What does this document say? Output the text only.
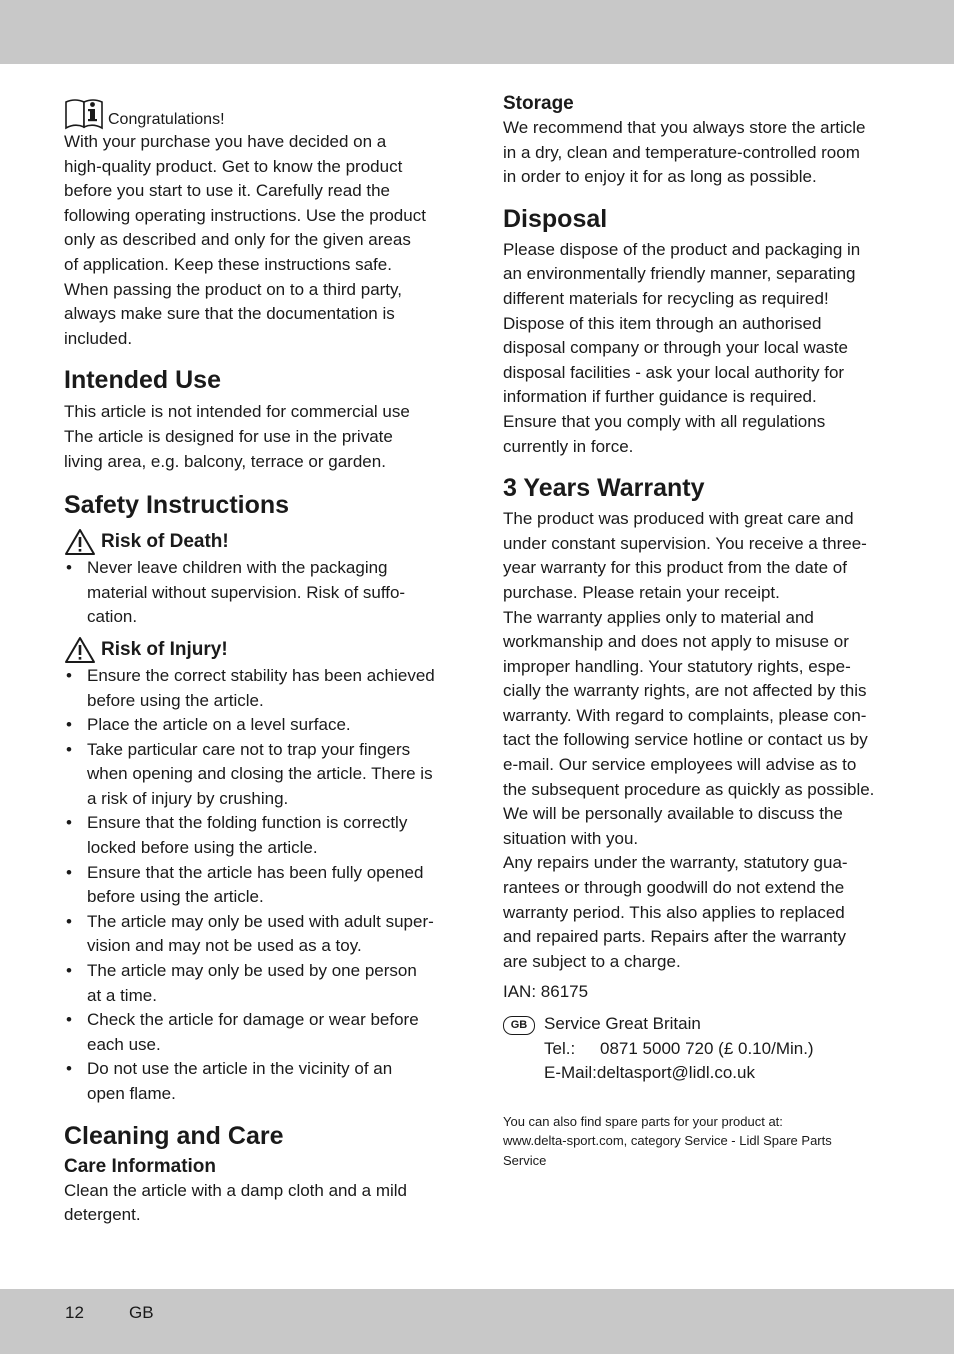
Congratulations!

With your purchase you have decided on a

high-quality product. Get to know the product

before you start to use it. Carefully read the

following operating instructions. Use the product

only as described and only for the given areas

of application. Keep these instructions safe.

When passing the product on to a third party,

always make sure that the documentation is

included.

Intended Use

This article is not intended for commercial use

The article is designed for use in the private

living area, e.g. balcony, terrace or garden.

Safety Instructions
Risk of Death!
• Never leave children with the packaging
material without supervision. Risk of suffo-
cation.
Risk of Injury!
• Ensure the correct stability has been achieved
before using the article.
• Place the article on a level surface.
• Take particular care not to trap your fingers
when opening and closing the article. There is
a risk of injury by crushing.
• Ensure that the folding function is correctly
locked before using the article.
• Ensure that the article has been fully opened
before using the article.
• The article may only be used with adult super-
vision and may not be used as a toy.
• The article may only be used by one person
at a time.
• Check the article for damage or wear before
each use.
• Do not use the article in the vicinity of an
open flame.
Cleaning and Care
Care Information

Clean the article with a damp cloth and a mild

detergent.

Storage

We recommend that you always store the article

in a dry, clean and temperature-controlled room

in order to enjoy it for as long as possible.

Disposal

Please dispose of the product and packaging in

an environmentally friendly manner, separating

different materials for recycling as required!

Dispose of this item through an authorised

disposal company or through your local waste

disposal facilities - ask your local authority for

information if further guidance is required.

Ensure that you comply with all regulations

currently in force.

3 Years Warranty

The product was produced with great care and

under constant supervision. You receive a three-

year warranty for this product from the date of

purchase. Please retain your receipt.

The warranty applies only to material and

workmanship and does not apply to misuse or

improper handling. Your statutory rights, espe-

cially the warranty rights, are not affected by this

warranty. With regard to complaints, please con-

tact the following service hotline or contact us by

e-mail. Our service employees will advise as to

the subsequent procedure as quickly as possible.

We will be personally available to discuss the

situation with you.

Any repairs under the warranty, statutory gua-

rantees or through goodwill do not extend the

warranty period. This also applies to replaced

and repaired parts. Repairs after the warranty

are subject to a charge.

IAN: 86175

GB Service Great Britain

Tel.:	0871 5000 720 (£ 0.10/Min.)

E-Mail:deltasport@lidl.co.uk

You can also find spare parts for your product at:
www.delta-sport.com, category Service - Lidl Spare Parts
Service
12	GB
